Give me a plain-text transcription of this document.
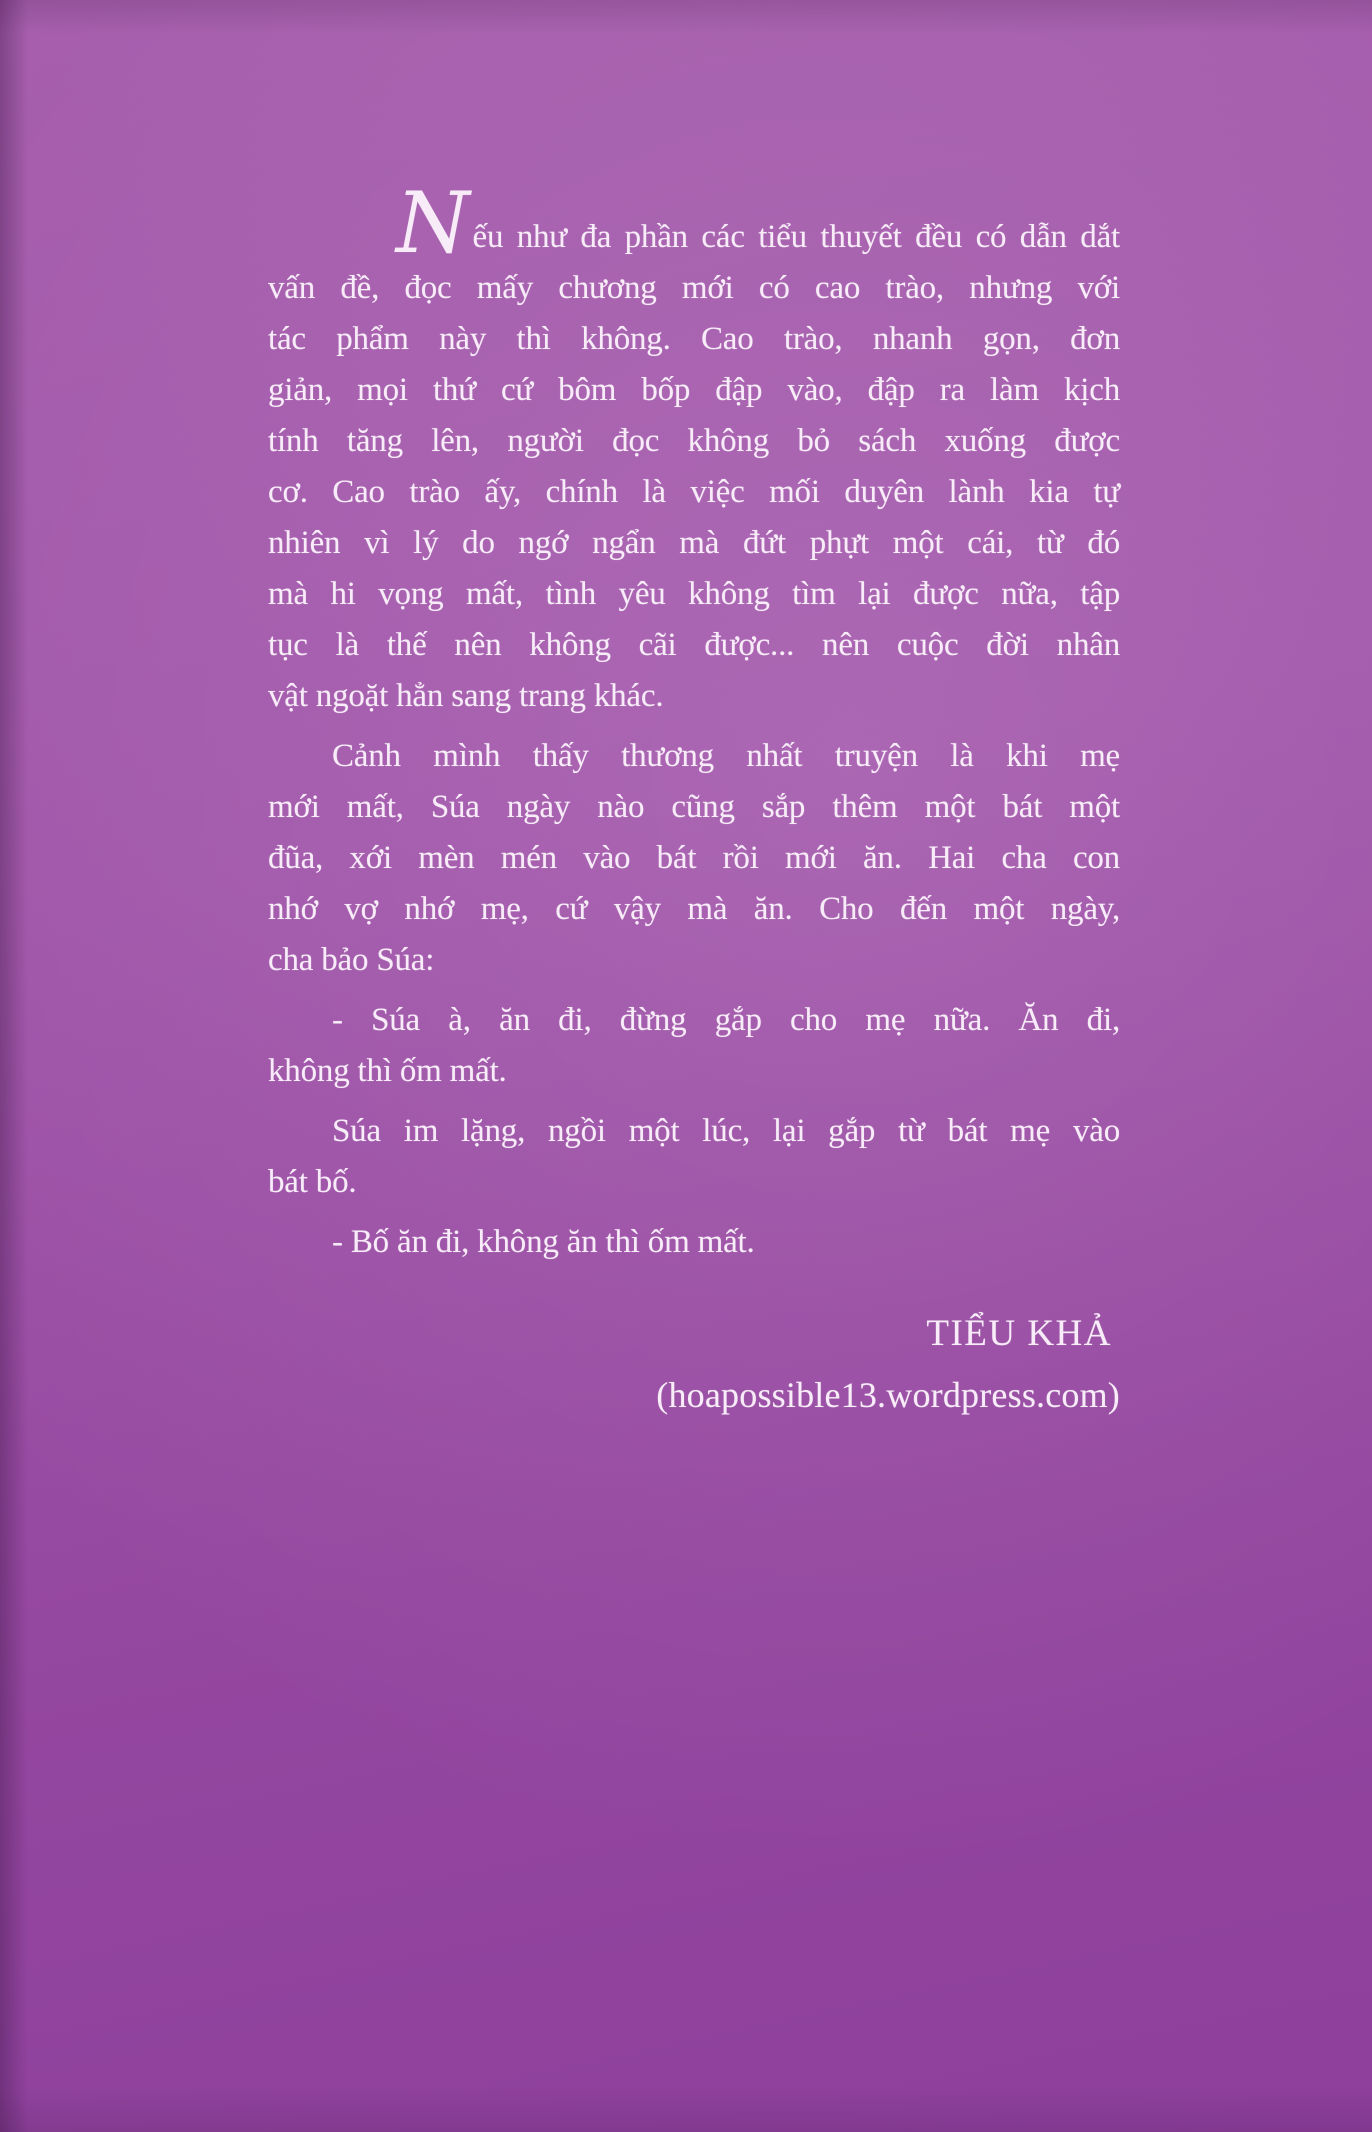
Nếu như đa phần các tiểu thuyết đều có dẫn dắt
vấn đề, đọc mấy chương mới có cao trào, nhưng với
tác phẩm này thì không. Cao trào, nhanh gọn, đơn
giản, mọi thứ cứ bôm bốp đập vào, đập ra làm kịch
tính tăng lên, người đọc không bỏ sách xuống được
cơ. Cao trào ấy, chính là việc mối duyên lành kia tự
nhiên vì lý do ngớ ngẩn mà đứt phựt một cái, từ đó
mà hi vọng mất, tình yêu không tìm lại được nữa, tập
tục là thế nên không cãi được... nên cuộc đời nhân
vật ngoặt hẳn sang trang khác.
Cảnh mình thấy thương nhất truyện là khi mẹ
mới mất, Súa ngày nào cũng sắp thêm một bát một
đũa, xới mèn mén vào bát rồi mới ăn. Hai cha con
nhớ vợ nhớ mẹ, cứ vậy mà ăn. Cho đến một ngày,
cha bảo Súa:
- Súa à, ăn đi, đừng gắp cho mẹ nữa. Ăn đi,
không thì ốm mất.
Súa im lặng, ngồi một lúc, lại gắp từ bát mẹ vào
bát bố.
- Bố ăn đi, không ăn thì ốm mất.
TIỂU KHẢ
(hoapossible13.wordpress.com)
